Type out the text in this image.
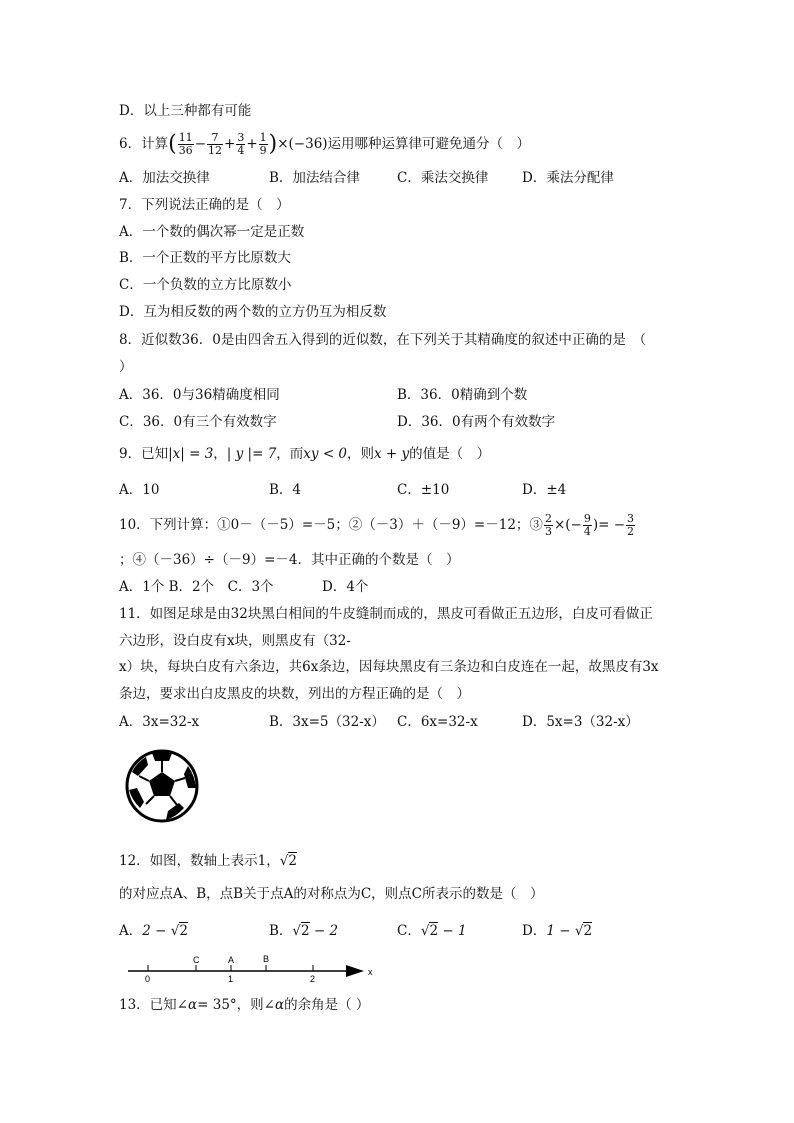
D．以上三种都有可能
6．计算( $\frac{11}{36} - \frac{7}{12} + \frac{3}{4} + \frac{1}{9} )\times(-36)$运用哪种运算律可避免通分（　）
A．加法交换律	B．加法结合律	C．乘法交换律 D．乘法分配律
7．下列说法正确的是（　）
A．一个数的偶次幂一定是正数
B．一个正数的平方比原数大
C．一个负数的立方比原数小
D．互为相反数的两个数的立方仍互为相反数
8．近似数36．0是由四舍五入得到的近似数，在下列关于其精确度的叙述中正确的是　（
）
A．36．0与36精确度相同	B．36．0精确到个数
C．36．0有三个有效数字	D．36．0有两个有效数字
9．已知|x| = 3，| y |= 7，而xy < 0，则x + y的值是（　）
A．10	B．4	C．±10	D．±4
10．下列计算：①0－（－5）=－5；②（－3）＋（－9）=－12；③ $\frac{2}{3}$ ×(− $\frac{9}{4}$ )= − $\frac{3}{2}$
；④（－36）÷（－9）=－4．其中正确的个数是（　）
A．1个 B．2个　C．3个	D．4个
11．如图足球是由32块黑白相间的牛皮缝制而成的，黑皮可看做正五边形，白皮可看做正
六边形，设白皮有x块，则黑皮有（32-
x）块，每块白皮有六条边，共6x条边，因每块黑皮有三条边和白皮连在一起，故黑皮有3x
条边，要求出白皮黑皮的块数，列出的方程正确的是（　）
A．3x=32-x	B．3x=5（32-x） C．6x=32-x	D．5x=3（32-x）
12．如图，数轴上表示1，√2
的对应点A、B，点B关于点A的对称点为C，则点C所表示的数是（　）
A．2 − √2	B．√2 − 2	C．√2 − 1	D．1 − √2
C	A	B
0	1	2
x
13．已知∠α= 35°，则∠α的余角是（ ）
